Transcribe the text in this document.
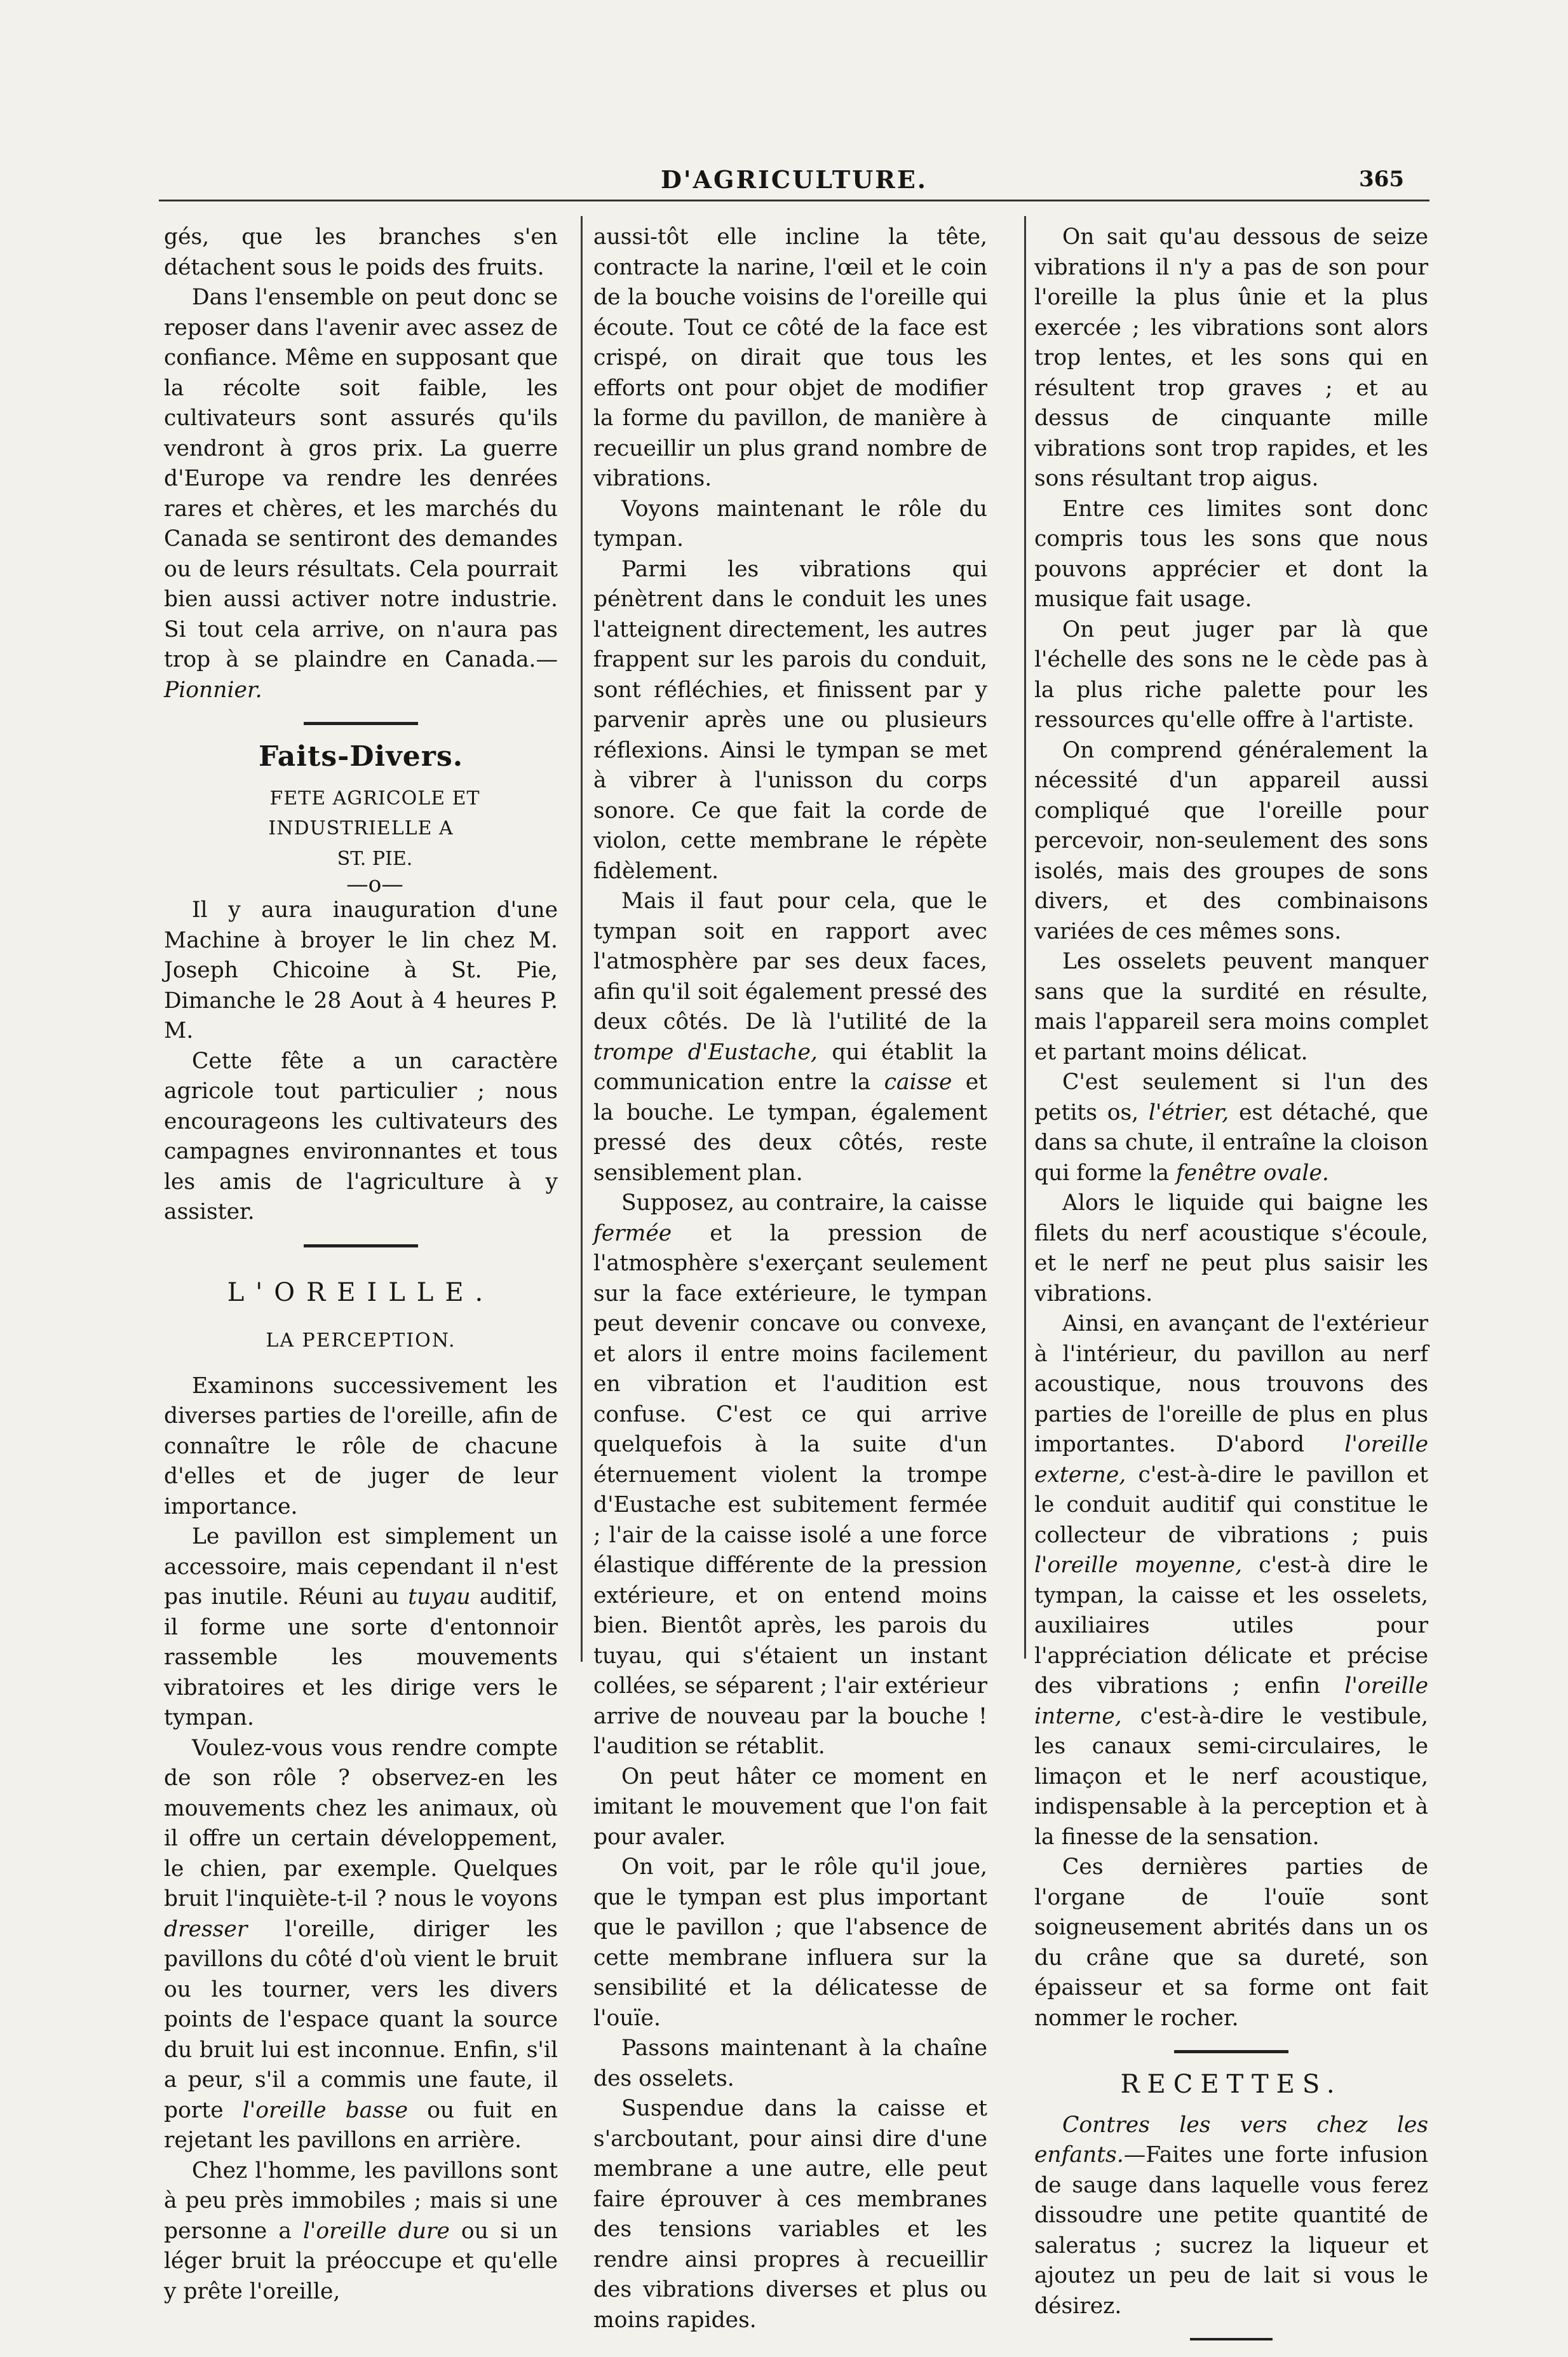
D'AGRICULTURE.	365

gés, que les branches s'en détachent sous le poids des fruits.

Dans l'ensemble on peut donc se reposer dans l'avenir avec assez de confiance. Même en supposant que la récolte soit faible, les cultivateurs sont assurés qu'ils vendront à gros prix. La guerre d'Europe va rendre les denrées rares et chères, et les marchés du Canada se sentiront des demandes ou de leurs résultats. Cela pourrait bien aussi activer notre industrie. Si tout cela arrive, on n'aura pas trop à se plaindre en Canada.—Pionnier.

Faits-Divers.

FETE AGRICOLE ET INDUSTRIELLE A

ST. PIE.

—o—

Il y aura inauguration d'une Machine à broyer le lin chez M. Joseph Chicoine à St. Pie, Dimanche le 28 Aout à 4 heures P. M.

Cette fête a un caractère agricole tout particulier ; nous encourageons les cultivateurs des campagnes environnantes et tous les amis de l'agriculture à y assister.

L'OREILLE.
LA PERCEPTION.

Examinons successivement les diverses parties de l'oreille, afin de connaître le rôle de chacune d'elles et de juger de leur importance.

Le pavillon est simplement un accessoire, mais cependant il n'est pas inutile. Réuni au tuyau auditif, il forme une sorte d'entonnoir rassemble les mouvements vibratoires et les dirige vers le tympan.

Voulez-vous vous rendre compte de son rôle ? observez-en les mouvements chez les animaux, où il offre un certain développement, le chien, par exemple. Quelques bruit l'inquiète-t-il ? nous le voyons dresser l'oreille, diriger les pavillons du côté d'où vient le bruit ou les tourner, vers les divers points de l'espace quant la source du bruit lui est inconnue. Enfin, s'il a peur, s'il a commis une faute, il porte l'oreille basse ou fuit en rejetant les pavillons en arrière.

Chez l'homme, les pavillons sont à peu près immobiles ; mais si une personne a l'oreille dure ou si un léger bruit la préoccupe et qu'elle y prête l'oreille,

aussi-tôt elle incline la tête, contracte la narine, l'œil et le coin de la bouche voisins de l'oreille qui écoute. Tout ce côté de la face est crispé, on dirait que tous les efforts ont pour objet de modifier la forme du pavillon, de manière à recueillir un plus grand nombre de vibrations.

Voyons maintenant le rôle du tympan.

Parmi les vibrations qui pénètrent dans le conduit les unes l'atteignent directement, les autres frappent sur les parois du conduit, sont réfléchies, et finissent par y parvenir après une ou plusieurs réflexions. Ainsi le tympan se met à vibrer à l'unisson du corps sonore. Ce que fait la corde de violon, cette membrane le répète fidèlement.

Mais il faut pour cela, que le tympan soit en rapport avec l'atmosphère par ses deux faces, afin qu'il soit également pressé des deux côtés. De là l'utilité de la trompe d'Eustache, qui établit la communication entre la caisse et la bouche. Le tympan, également pressé des deux côtés, reste sensiblement plan.

Supposez, au contraire, la caisse fermée et la pression de l'atmosphère s'exerçant seulement sur la face extérieure, le tympan peut devenir concave ou convexe, et alors il entre moins facilement en vibration et l'audition est confuse. C'est ce qui arrive quelquefois à la suite d'un éternuement violent la trompe d'Eustache est subitement fermée ; l'air de la caisse isolé a une force élastique différente de la pression extérieure, et on entend moins bien. Bientôt après, les parois du tuyau, qui s'étaient un instant collées, se séparent ; l'air extérieur arrive de nouveau par la bouche ! l'audition se rétablit.

On peut hâter ce moment en imitant le mouvement que l'on fait pour avaler.

On voit, par le rôle qu'il joue, que le tympan est plus important que le pavillon ; que l'absence de cette membrane influera sur la sensibilité et la délicatesse de l'ouïe.

Passons maintenant à la chaîne des osselets.

Suspendue dans la caisse et s'arcboutant, pour ainsi dire d'une membrane a une autre, elle peut faire éprouver à ces membranes des tensions variables et les rendre ainsi propres à recueillir des vibrations diverses et plus ou moins rapides.

On sait qu'au dessous de seize vibrations il n'y a pas de son pour l'oreille la plus ûnie et la plus exercée ; les vibrations sont alors trop lentes, et les sons qui en résultent trop graves ; et au dessus de cinquante mille vibrations sont trop rapides, et les sons résultant trop aigus.

Entre ces limites sont donc compris tous les sons que nous pouvons apprécier et dont la musique fait usage.

On peut juger par là que l'échelle des sons ne le cède pas à la plus riche palette pour les ressources qu'elle offre à l'artiste.

On comprend généralement la nécessité d'un appareil aussi compliqué que l'oreille pour percevoir, non-seulement des sons isolés, mais des groupes de sons divers, et des combinaisons variées de ces mêmes sons.

Les osselets peuvent manquer sans que la surdité en résulte, mais l'appareil sera moins complet et partant moins délicat.

C'est seulement si l'un des petits os, l'étrier, est détaché, que dans sa chute, il entraîne la cloison qui forme la fenêtre ovale.

Alors le liquide qui baigne les filets du nerf acoustique s'écoule, et le nerf ne peut plus saisir les vibrations.

Ainsi, en avançant de l'extérieur à l'intérieur, du pavillon au nerf acoustique, nous trouvons des parties de l'oreille de plus en plus importantes. D'abord l'oreille externe, c'est-à-dire le pavillon et le conduit auditif qui constitue le collecteur de vibrations ; puis l'oreille moyenne, c'est-à dire le tympan, la caisse et les osselets, auxiliaires utiles pour l'appréciation délicate et précise des vibrations ; enfin l'oreille interne, c'est-à-dire le vestibule, les canaux semi-circulaires, le limaçon et le nerf acoustique, indispensable à la perception et à la finesse de la sensation.

Ces dernières parties de l'organe de l'ouïe sont soigneusement abrités dans un os du crâne que sa dureté, son épaisseur et sa forme ont fait nommer le rocher.

RECETTES.

Contres les vers chez les enfants.—Faites une forte infusion de sauge dans laquelle vous ferez dissoudre une petite quantité de saleratus ; sucrez la liqueur et ajoutez un peu de lait si vous le désirez.
